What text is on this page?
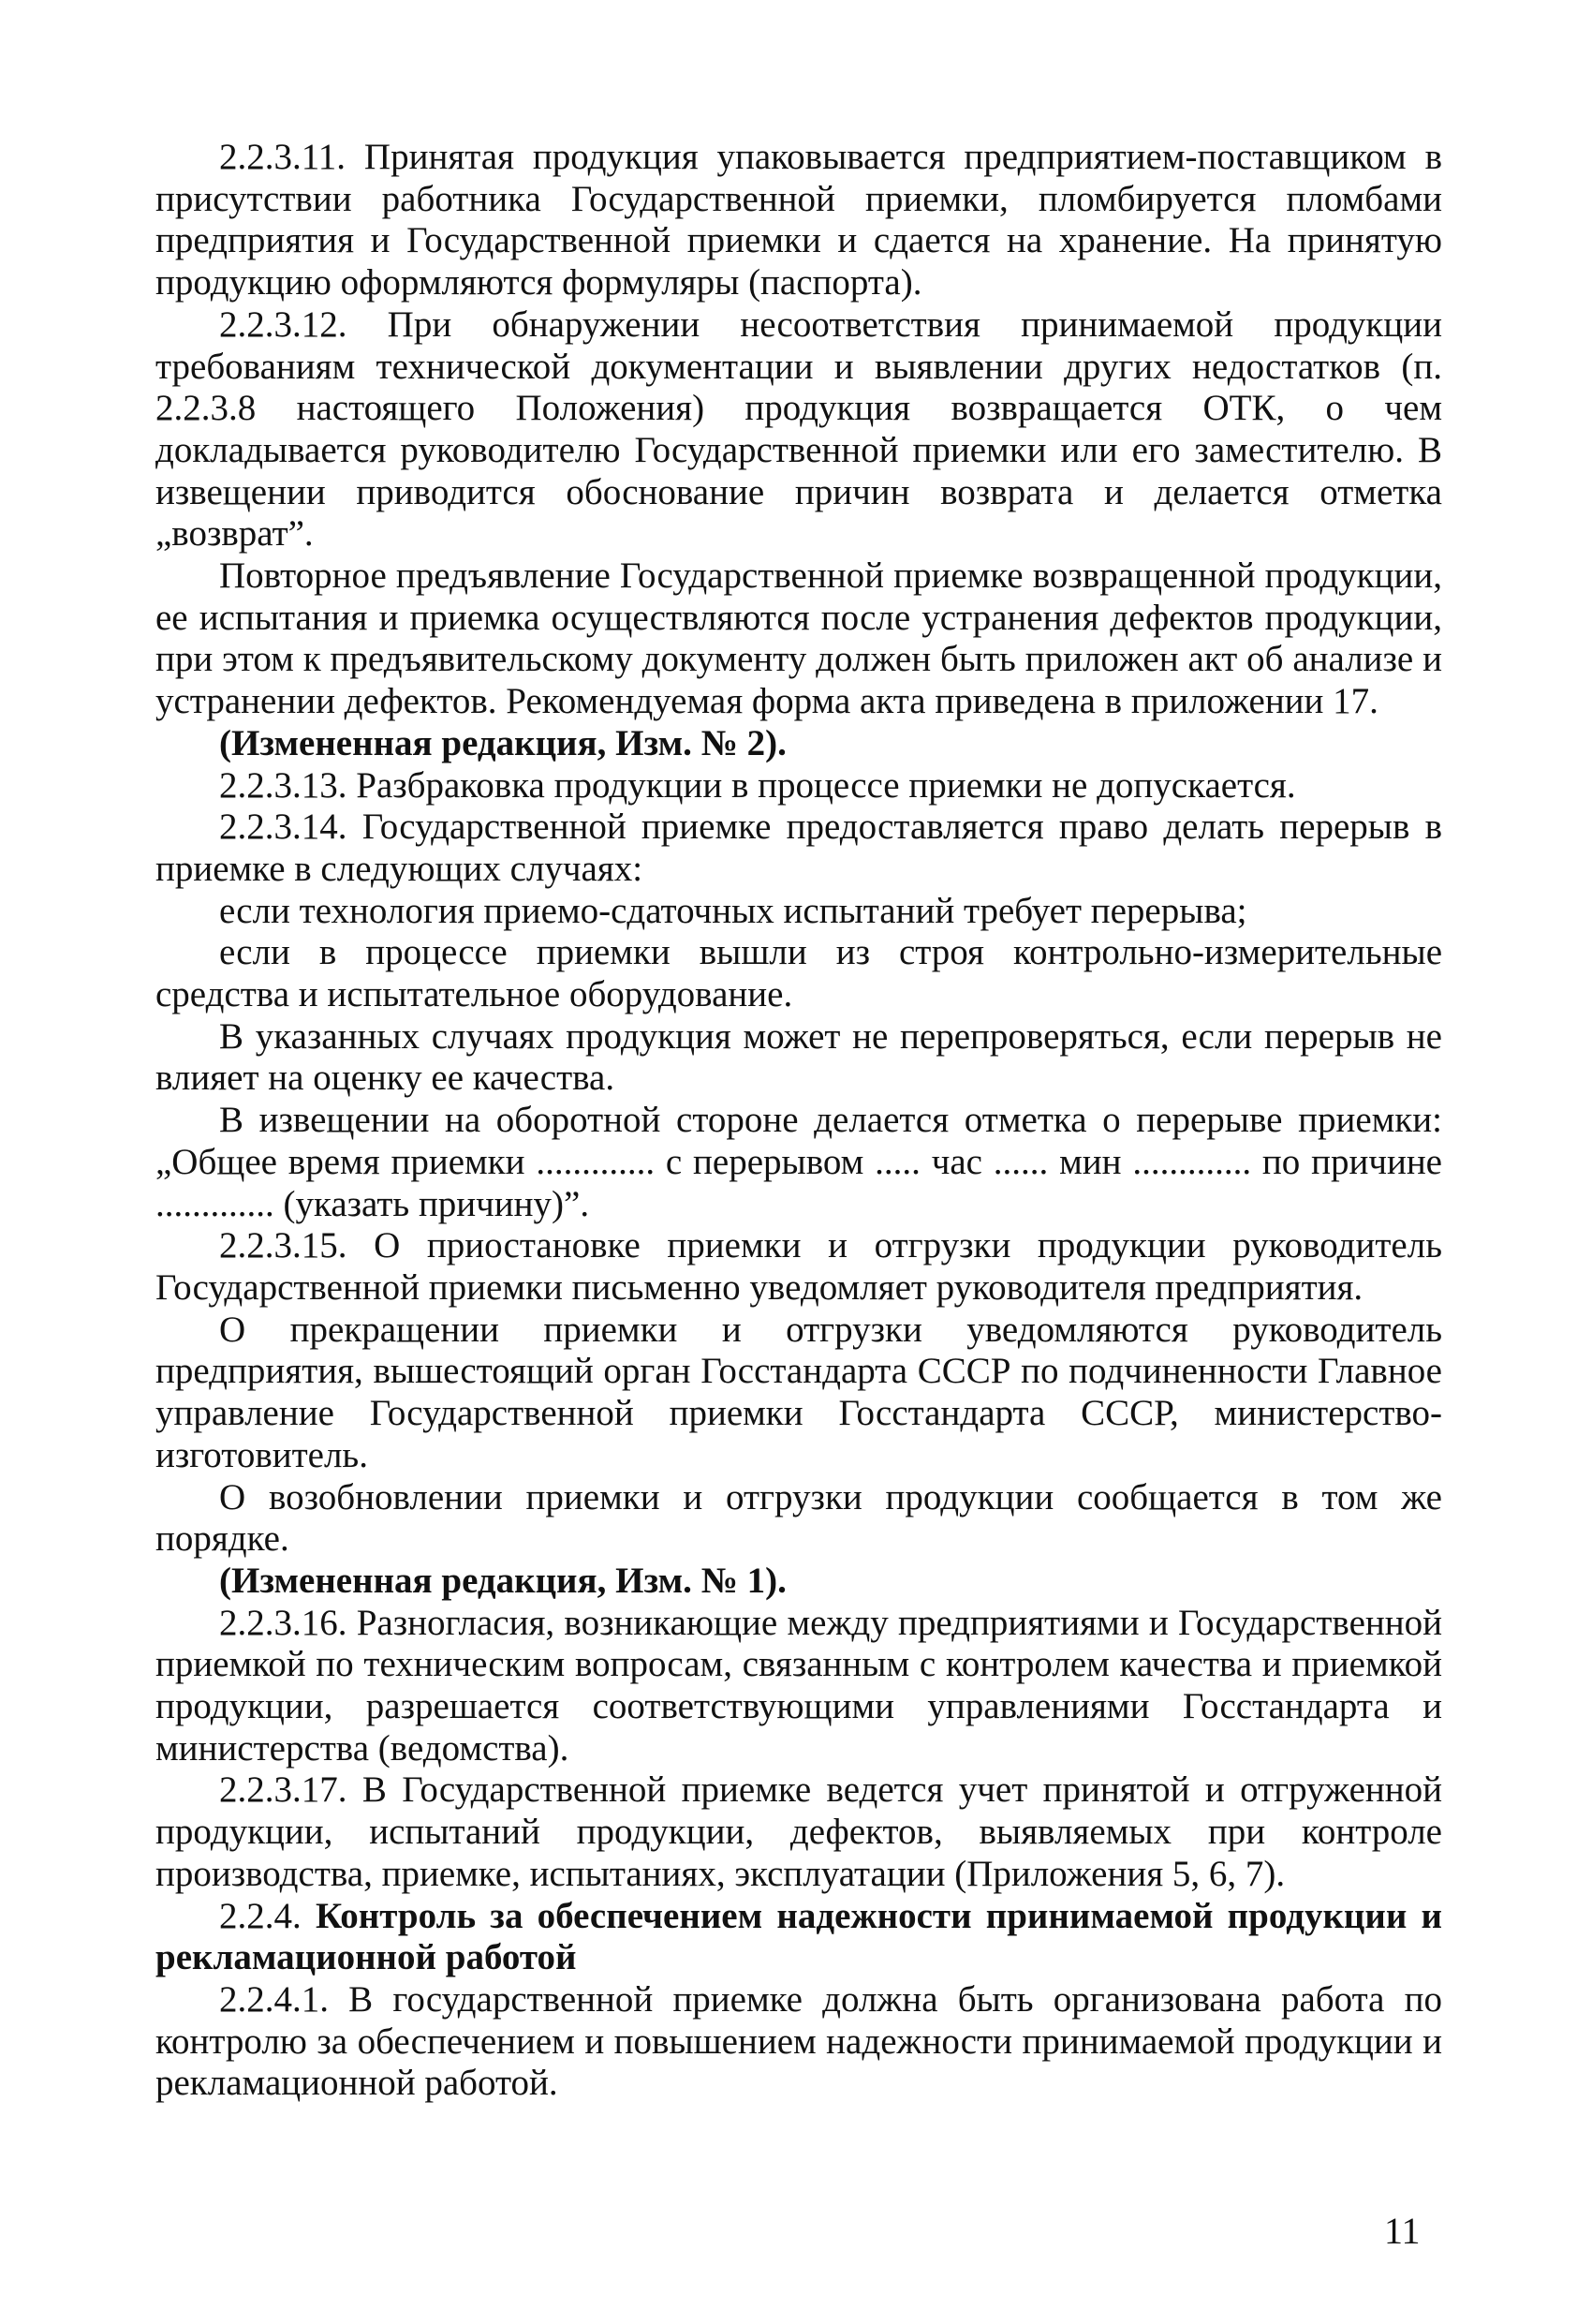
2.2.3.11. Принятая продукция упаковывается предприятием-поставщиком в присутствии работника Государственной приемки, пломбируется пломбами предприятия и Государственной приемки и сдается на хранение. На принятую продукцию оформляются формуляры (паспорта).

2.2.3.12. При обнаружении несоответствия принимаемой продукции требованиям технической документации и выявлении других недостатков (п. 2.2.3.8 настоящего Положения) продукция возвращается ОТК, о чем докладывается руководителю Государственной приемки или его заместителю. В извещении приводится обоснование причин возврата и делается отметка „возврат”.

Повторное предъявление Государственной приемке возвращенной продукции, ее испытания и приемка осуществляются после устранения дефектов продукции, при этом к предъявительскому документу должен быть приложен акт об анализе и устранении дефектов. Рекомендуемая форма акта приведена в приложении 17.

(Измененная редакция, Изм. № 2).

2.2.3.13. Разбраковка продукции в процессе приемки не допускается.

2.2.3.14. Государственной приемке предоставляется право делать перерыв в приемке в следующих случаях:

если технология приемо-сдаточных испытаний требует перерыва;

если в процессе приемки вышли из строя контрольно-измерительные средства и испытательное оборудование.

В указанных случаях продукция может не перепроверяться, если перерыв не влияет на оценку ее качества.

В извещении на оборотной стороне делается отметка о перерыве приемки: „Общее время приемки ............. с перерывом ..... час ...... мин ............. по причине ............. (указать причину)”.

2.2.3.15. О приостановке приемки и отгрузки продукции руководитель Государственной приемки письменно уведомляет руководителя предприятия.

О прекращении приемки и отгрузки уведомляются руководитель предприятия, вышестоящий орган Госстандарта СССР по подчиненности Главное управление Государственной приемки Госстандарта СССР, министерство-изготовитель.

О возобновлении приемки и отгрузки продукции сообщается в том же порядке.

(Измененная редакция, Изм. № 1).

2.2.3.16. Разногласия, возникающие между предприятиями и Государственной приемкой по техническим вопросам, связанным с контролем качества и приемкой продукции, разрешается соответствующими управлениями Госстандарта и министерства (ведомства).

2.2.3.17. В Государственной приемке ведется учет принятой и отгруженной продукции, испытаний продукции, дефектов, выявляемых при контроле производства, приемке, испытаниях, эксплуатации (Приложения 5, 6, 7).

2.2.4. Контроль за обеспечением надежности принимаемой продукции и рекламационной работой

2.2.4.1. В государственной приемке должна быть организована работа по контролю за обеспечением и повышением надежности принимаемой продукции и рекламационной работой.

11
